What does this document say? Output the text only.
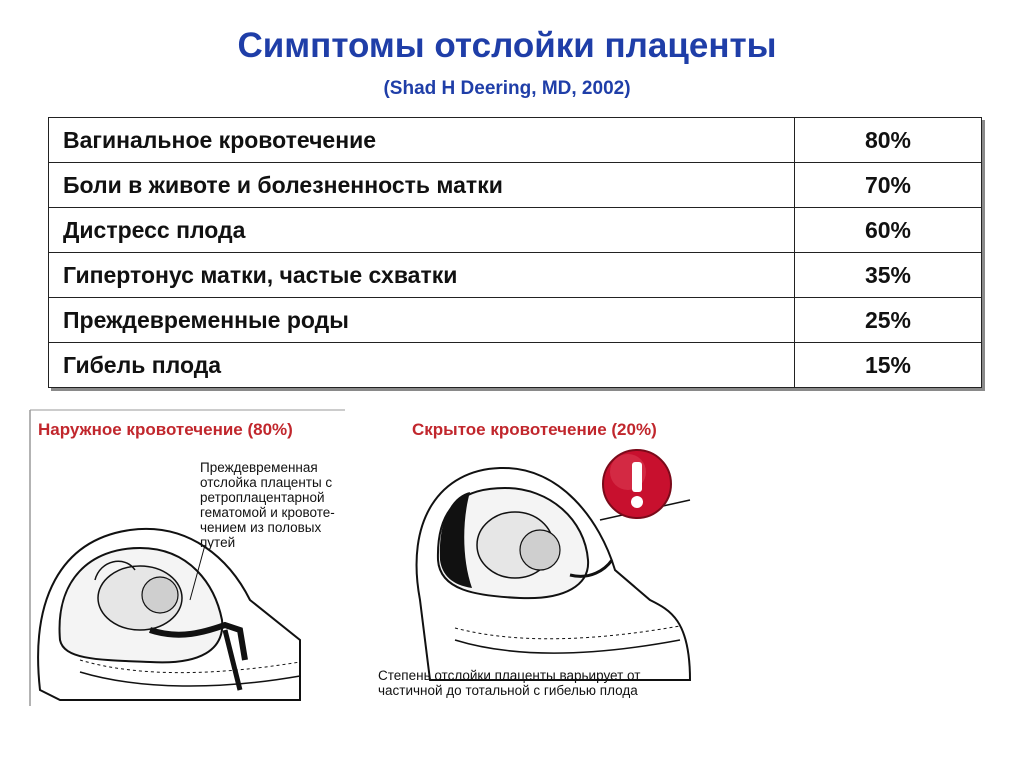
Симптомы отслойки плаценты
(Shad H Deering, MD, 2002)
Вагинальное кровотечение	80%
Боли в животе и болезненность матки	70%
Дистресс плода	60%
Гипертонус матки, частые схватки	35%
Преждевременные роды	25%
Гибель плода	15%
Наружное кровотечение (80%)	Скрытое кровотечение (20%)
Преждевременная
отслойка плаценты с
ретроплацентарной
гематомой и кровоте-
чением из половых
путей
Степень отслойки плаценты варьирует от
частичной до тотальной с гибелью плода
